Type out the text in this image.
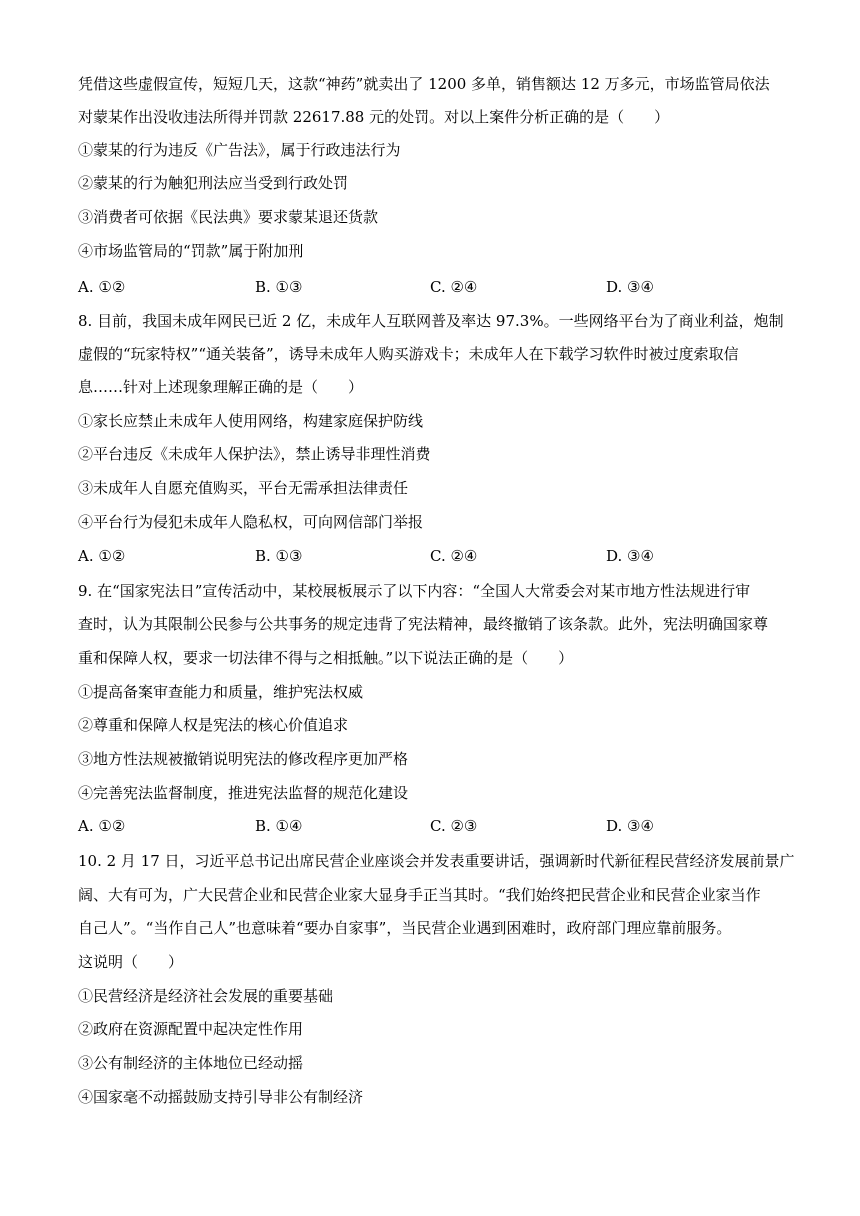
凭借这些虚假宣传，短短几天，这款“神药”就卖出了 1200 多单，销售额达 12 万多元，市场监管局依法
对蒙某作出没收违法所得并罚款 22617.88 元的处罚。对以上案件分析正确的是（　　）
①蒙某的行为违反《广告法》，属于行政违法行为
②蒙某的行为触犯刑法应当受到行政处罚
③消费者可依据《民法典》要求蒙某退还货款
④市场监管局的“罚款”属于附加刑
A. ①②	B. ①③	C. ②④	D. ③④
8. 目前，我国未成年网民已近 2 亿，未成年人互联网普及率达 97.3%。一些网络平台为了商业利益，炮制
虚假的“玩家特权”“通关装备”，诱导未成年人购买游戏卡；未成年人在下载学习软件时被过度索取信
息……针对上述现象理解正确的是（　　）
①家长应禁止未成年人使用网络，构建家庭保护防线
②平台违反《未成年人保护法》，禁止诱导非理性消费
③未成年人自愿充值购买，平台无需承担法律责任
④平台行为侵犯未成年人隐私权，可向网信部门举报
A. ①②	B. ①③	C. ②④	D. ③④
9. 在“国家宪法日”宣传活动中，某校展板展示了以下内容：“全国人大常委会对某市地方性法规进行审
查时，认为其限制公民参与公共事务的规定违背了宪法精神，最终撤销了该条款。此外，宪法明确国家尊
重和保障人权，要求一切法律不得与之相抵触。”以下说法正确的是（　　）
①提高备案审查能力和质量，维护宪法权威
②尊重和保障人权是宪法的核心价值追求
③地方性法规被撤销说明宪法的修改程序更加严格
④完善宪法监督制度，推进宪法监督的规范化建设
A. ①②	B. ①④	C. ②③	D. ③④
10. 2 月 17 日，习近平总书记出席民营企业座谈会并发表重要讲话，强调新时代新征程民营经济发展前景广
阔、大有可为，广大民营企业和民营企业家大显身手正当其时。“我们始终把民营企业和民营企业家当作
自己人”。“当作自己人”也意味着“要办自家事”，当民营企业遇到困难时，政府部门理应靠前服务。
这说明（　　）
①民营经济是经济社会发展的重要基础
②政府在资源配置中起决定性作用
③公有制经济的主体地位已经动摇
④国家毫不动摇鼓励支持引导非公有制经济
